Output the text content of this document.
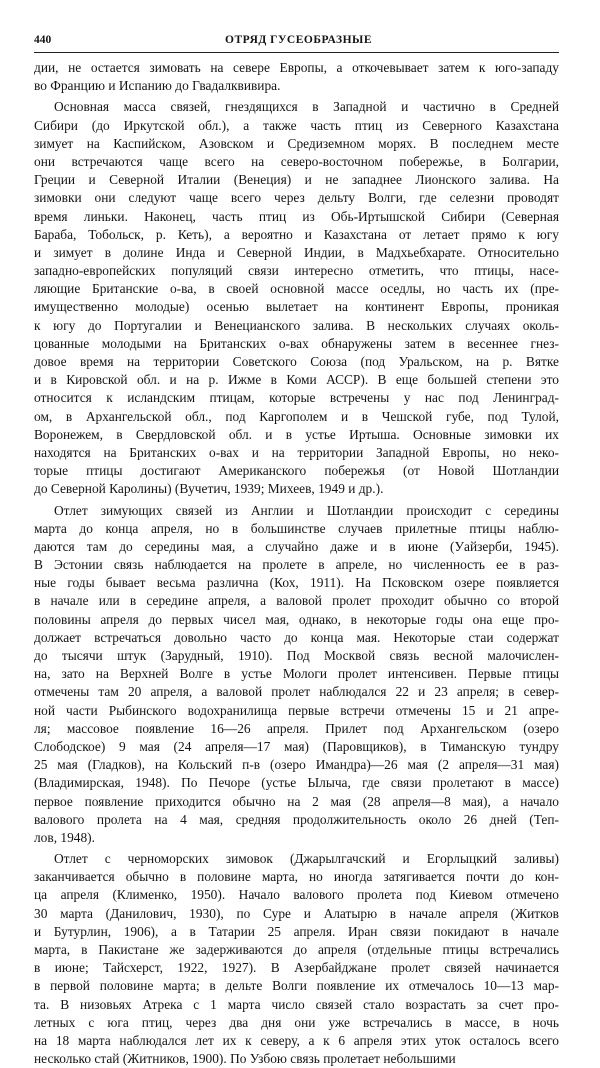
440	ОТРЯД ГУСЕОБРАЗНЫЕ
дии, не остается зимовать на севере Европы, а откочевывает затем к юго-западу
во Францию и Испанию до Гвадалквивира.
Основная масса связей, гнездящихся в Западной и частично в Средней
Сибири (до Иркутской обл.), а также часть птиц из Северного Казахстана
зимует на Каспийском, Азовском и Средиземном морях. В последнем месте
они встречаются чаще всего на северо-восточном побережье, в Болгарии,
Греции и Северной Италии (Венеция) и не западнее Лионского залива. На
зимовки они следуют чаще всего через дельту Волги, где селезни проводят
время линьки. Наконец, часть птиц из Обь-Иртышской Сибири (Северная
Барабa, Тобольск, р. Кеть), а вероятно и Казахстана от летает прямо к югу
и зимует в долине Инда и Северной Индии, в Мадхьебхарате. Относительно
западно-европейских популяций связи интересно отметить, что птицы, насе-
ляющие Британские о-ва, в своей основной массе оседлы, но часть их (пре-
имущественно молодые) осенью вылетает на континент Европы, проникая
к югу до Португалии и Венецианского залива. В нескольких случаях околь-
цованные молодыми на Британских о-вах обнаружены затем в весеннее гнез-
довое время на территории Советского Союза (под Уральском, на р. Вятке
и в Кировской обл. и на р. Ижме в Коми АССР). В еще большей степени это
относится к исландским птицам, которые встречены у нас под Ленинград-
ом, в Архангельской обл., под Каргополем и в Чешской губе, под Тулой,
Воронежем, в Свердловской обл. и в устье Иртыша. Основные зимовки их
находятся на Британских о-вах и на территории Западной Европы, но неко-
торые птицы достигают Американского побережья (от Новой Шотландии
до Северной Каролины) (Вучетич, 1939; Михеев, 1949 и др.).
Отлет зимующих связей из Англии и Шотландии происходит с середины
марта до конца апреля, но в большинстве случаев прилетные птицы наблю-
даются там до середины мая, а случайно даже и в июне (Уайзерби, 1945).
В Эстонии связь наблюдается на пролете в апреле, но численность ее в раз-
ные годы бывает весьма различна (Кох, 1911). На Псковском озере появляется
в начале или в середине апреля, а валовой пролет проходит обычно со второй
половины апреля до первых чисел мая, однако, в некоторые годы она еще про-
должает встречаться довольно часто до конца мая. Некоторые стаи содержат
до тысячи штук (Зарудный, 1910). Под Москвой связь весной малочислен-
на, зато на Верхней Волге в устье Мологи пролет интенсивен. Первые птицы
отмечены там 20 апреля, а валовой пролет наблюдался 22 и 23 апреля; в север-
ной части Рыбинского водохранилища первые встречи отмечены 15 и 21 апре-
ля; массовое появление 16—26 апреля. Прилет под Архангельском (озеро
Слободское) 9 мая (24 апреля—17 мая) (Паровщиков), в Тиманскую тундру
25 мая (Гладков), на Кольский п-в (озеро Имандра)—26 мая (2 апреля—31 мая)
(Владимирская, 1948). По Печоре (устье Ылыча, где связи пролетают в массе)
первое появление приходится обычно на 2 мая (28 апреля—8 мая), а начало
валового пролета на 4 мая, средняя продолжительность около 26 дней (Теп-
лов, 1948).
Отлет с черноморских зимовок (Джарылгачский и Егорлыцкий заливы)
заканчивается обычно в половине марта, но иногда затягивается почти до кон-
ца апреля (Клименко, 1950). Начало валового пролета под Киевом отмечено
30 марта (Данилович, 1930), по Суре и Алатырю в начале апреля (Житков
и Бутурлин, 1906), а в Татарии 25 апреля. Иран связи покидают в начале
марта, в Пакистане же задерживаются до апреля (отдельные птицы встречались
в июне; Тайсхерст, 1922, 1927). В Азербайджане пролет связей начинается
в первой половине марта; в дельте Волги появление их отмечалось 10—13 мар-
та. В низовьях Атрека с 1 марта число связей стало возрастать за счет про-
летных с юга птиц, через два дня они уже встречались в массе, в ночь
на 18 марта наблюдался лет их к северу, а к 6 апреля этих уток осталось всего
несколько стай (Житников, 1900). По Узбою связь пролетает небольшими
